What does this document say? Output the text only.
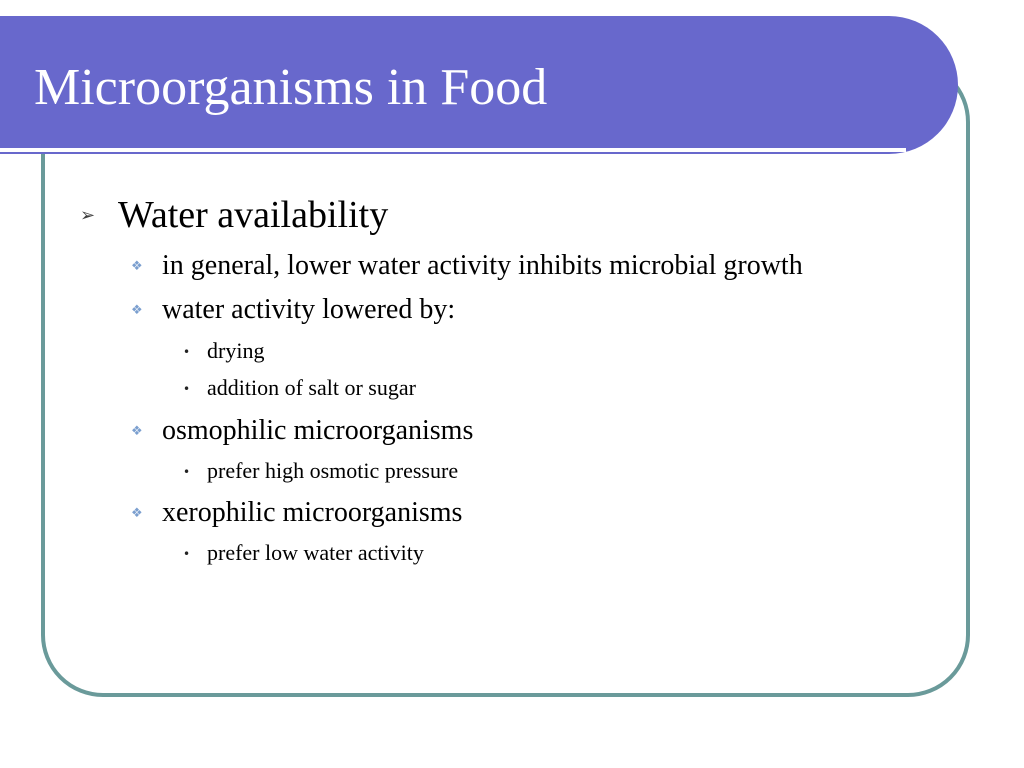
Microorganisms in Food
➢ Water availability
❖ in general, lower water activity inhibits microbial growth
❖ water activity lowered by:
• drying
• addition of salt or sugar
❖ osmophilic microorganisms
• prefer high osmotic pressure
❖ xerophilic microorganisms
• prefer low water activity
